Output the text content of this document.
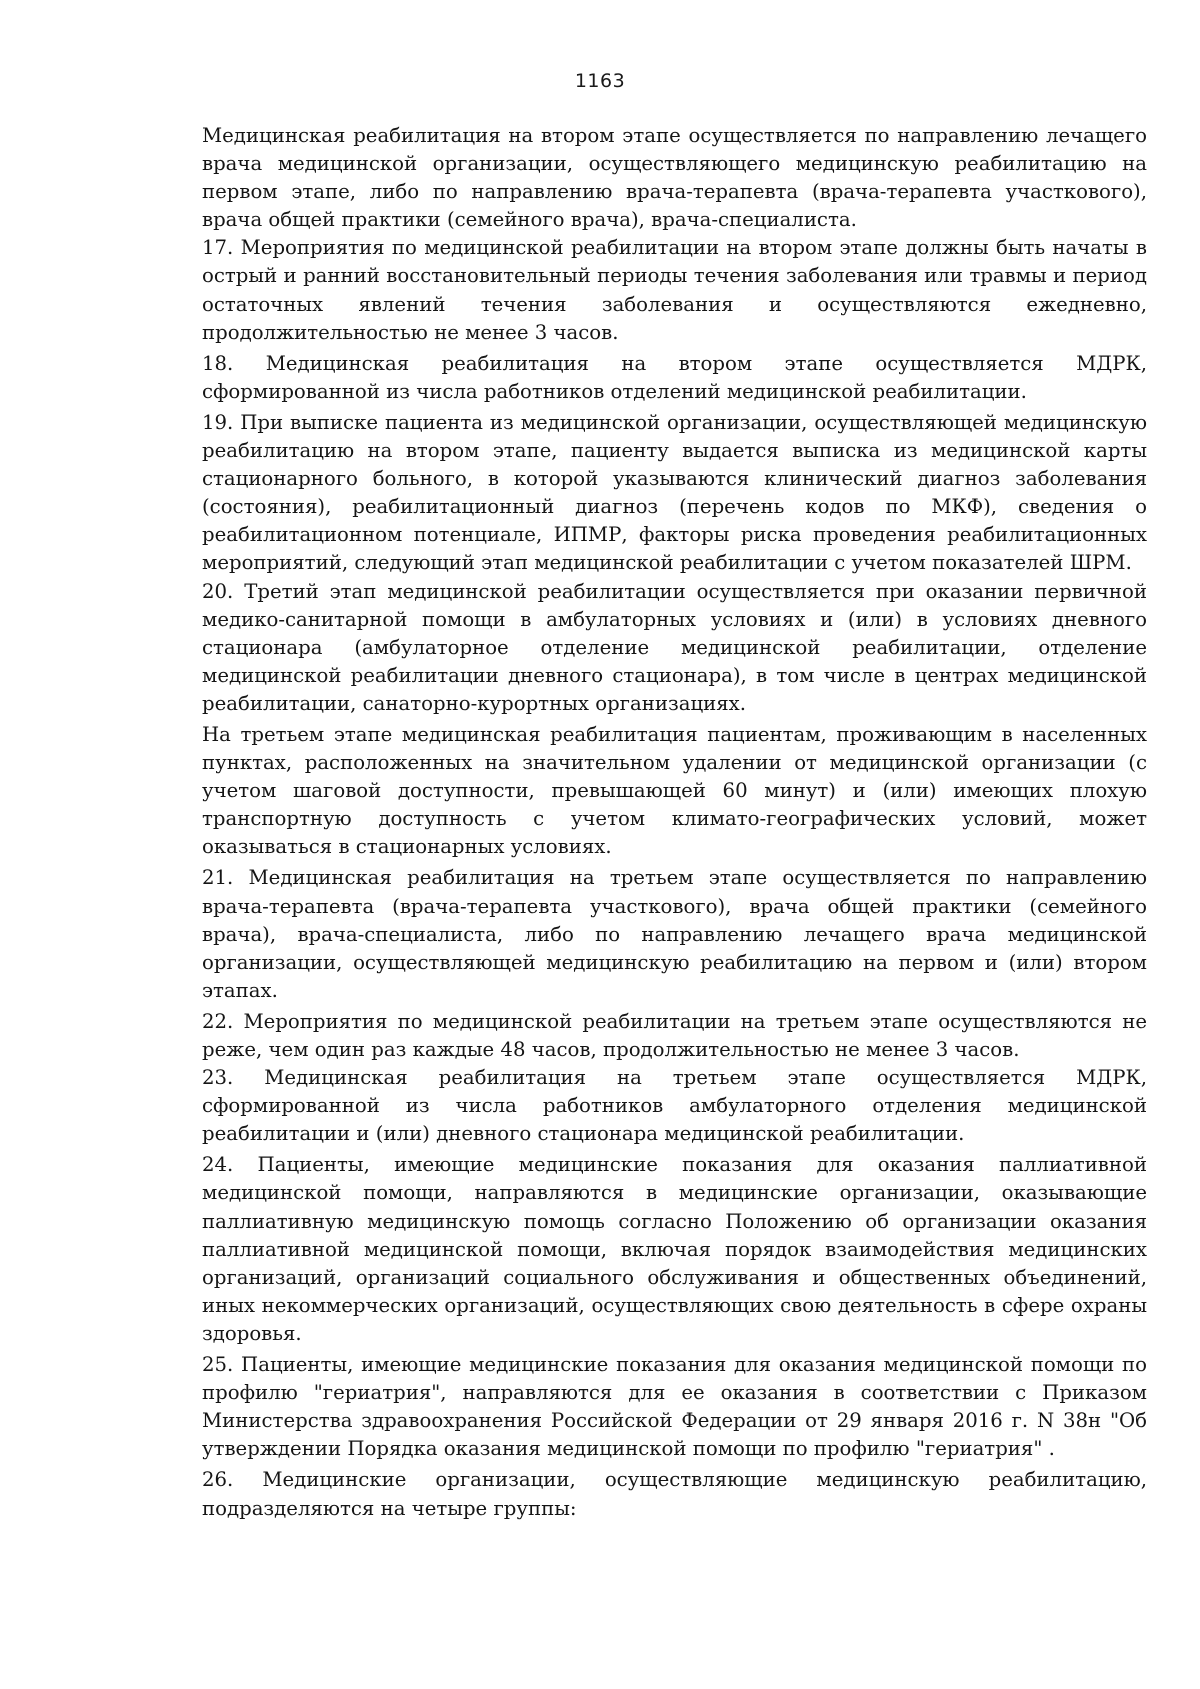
1163

Медицинская реабилитация на втором этапе осуществляется по направлению лечащего врача медицинской организации, осуществляющего медицинскую реабилитацию на первом этапе, либо по направлению врача-терапевта (врача-терапевта участкового), врача общей практики (семейного врача), врача-специалиста.

17. Мероприятия по медицинской реабилитации на втором этапе должны быть начаты в острый и ранний восстановительный периоды течения заболевания или травмы и период остаточных явлений течения заболевания и осуществляются ежедневно, продолжительностью не менее 3 часов.

18. Медицинская реабилитация на втором этапе осуществляется МДРК, сформированной из числа работников отделений медицинской реабилитации.

19. При выписке пациента из медицинской организации, осуществляющей медицинскую реабилитацию на втором этапе, пациенту выдается выписка из медицинской карты стационарного больного, в которой указываются клинический диагноз заболевания (состояния), реабилитационный диагноз (перечень кодов по МКФ), сведения о реабилитационном потенциале, ИПМР, факторы риска проведения реабилитационных мероприятий, следующий этап медицинской реабилитации с учетом показателей ШРМ.

20. Третий этап медицинской реабилитации осуществляется при оказании первичной медико-санитарной помощи в амбулаторных условиях и (или) в условиях дневного стационара (амбулаторное отделение медицинской реабилитации, отделение медицинской реабилитации дневного стационара), в том числе в центрах медицинской реабилитации, санаторно-курортных организациях.

На третьем этапе медицинская реабилитация пациентам, проживающим в населенных пунктах, расположенных на значительном удалении от медицинской организации (с учетом шаговой доступности, превышающей 60 минут) и (или) имеющих плохую транспортную доступность с учетом климато-географических условий, может оказываться в стационарных условиях.

21. Медицинская реабилитация на третьем этапе осуществляется по направлению врача-терапевта (врача-терапевта участкового), врача общей практики (семейного врача), врача-специалиста, либо по направлению лечащего врача медицинской организации, осуществляющей медицинскую реабилитацию на первом и (или) втором этапах.

22. Мероприятия по медицинской реабилитации на третьем этапе осуществляются не реже, чем один раз каждые 48 часов, продолжительностью не менее 3 часов.

23. Медицинская реабилитация на третьем этапе осуществляется МДРК, сформированной из числа работников амбулаторного отделения медицинской реабилитации и (или) дневного стационара медицинской реабилитации.

24. Пациенты, имеющие медицинские показания для оказания паллиативной медицинской помощи, направляются в медицинские организации, оказывающие паллиативную медицинскую помощь согласно Положению об организации оказания паллиативной медицинской помощи, включая порядок взаимодействия медицинских организаций, организаций социального обслуживания и общественных объединений, иных некоммерческих организаций, осуществляющих свою деятельность в сфере охраны здоровья.

25. Пациенты, имеющие медицинские показания для оказания медицинской помощи по профилю "гериатрия", направляются для ее оказания в соответствии с Приказом Министерства здравоохранения Российской Федерации от 29 января 2016 г. N 38н "Об утверждении Порядка оказания медицинской помощи по профилю "гериатрия" .

26. Медицинские организации, осуществляющие медицинскую реабилитацию, подразделяются на четыре группы:
